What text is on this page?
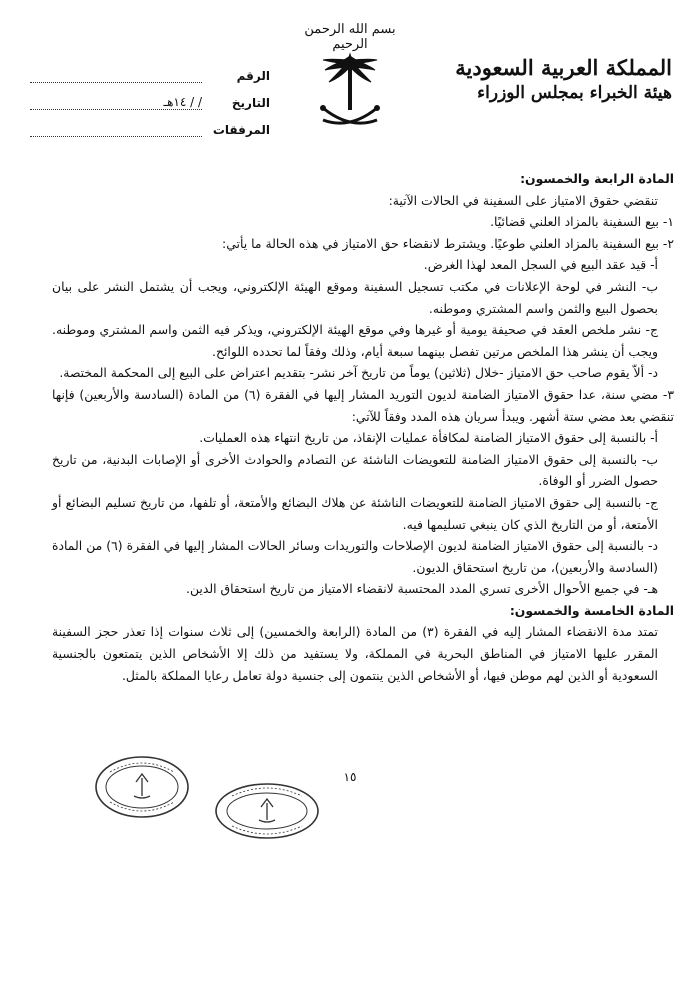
بسم الله الرحمن الرحيم
المملكة العربية السعودية
هيئة الخبراء بمجلس الوزراء
الرقم
التاريخ
/ / ١٤هـ
المرفقات

المادة الرابعة والخمسون:

تنقضي حقوق الامتياز على السفينة في الحالات الآتية:

١- بيع السفينة بالمزاد العلني قضائيًا.

٢- بيع السفينة بالمزاد العلني طوعيًا. ويشترط لانقضاء حق الامتياز في هذه الحالة ما يأتي:

أ- قيد عقد البيع في السجل المعد لهذا الغرض.

ب- النشر في لوحة الإعلانات في مكتب تسجيل السفينة وموقع الهيئة الإلكتروني، ويجب أن يشتمل النشر على بيان بحصول البيع والثمن واسم المشتري وموطنه.

ج- نشر ملخص العقد في صحيفة يومية أو غيرها وفي موقع الهيئة الإلكتروني، ويذكر فيه الثمن واسم المشتري وموطنه. ويجب أن ينشر هذا الملخص مرتين تفصل بينهما سبعة أيام، وذلك وفقاً لما تحدده اللوائح.

د- ألاّ يقوم صاحب حق الامتياز -خلال (ثلاثين) يوماً من تاريخ آخر نشر- بتقديم اعتراض على البيع إلى المحكمة المختصة.

٣- مضي سنة، عدا حقوق الامتياز الضامنة لديون التوريد المشار إليها في الفقرة (٦) من المادة (السادسة والأربعين) فإنها تنقضي بعد مضي ستة أشهر. ويبدأ سريان هذه المدد وفقاً للآتي:

أ- بالنسبة إلى حقوق الامتياز الضامنة لمكافأة عمليات الإنقاذ، من تاريخ انتهاء هذه العمليات.

ب- بالنسبة إلى حقوق الامتياز الضامنة للتعويضات الناشئة عن التصادم والحوادث الأخرى أو الإصابات البدنية، من تاريخ حصول الضرر أو الوفاة.

ج- بالنسبة إلى حقوق الامتياز الضامنة للتعويضات الناشئة عن هلاك البضائع والأمتعة، أو تلفها، من تاريخ تسليم البضائع أو الأمتعة، أو من التاريخ الذي كان ينبغي تسليمها فيه.

د- بالنسبة إلى حقوق الامتياز الضامنة لديون الإصلاحات والتوريدات وسائر الحالات المشار إليها في الفقرة (٦) من المادة (السادسة والأربعين)، من تاريخ استحقاق الديون.

هـ- في جميع الأحوال الأخرى تسري المدد المحتسبة لانقضاء الامتياز من تاريخ استحقاق الدين.

المادة الخامسة والخمسون:

تمتد مدة الانقضاء المشار إليه في الفقرة (٣) من المادة (الرابعة والخمسين) إلى ثلاث سنوات إذا تعذر حجز السفينة المقرر عليها الامتياز في المناطق البحرية في المملكة، ولا يستفيد من ذلك إلا الأشخاص الذين يتمتعون بالجنسية السعودية أو الذين لهم موطن فيها، أو الأشخاص الذين ينتمون إلى جنسية دولة تعامل رعايا المملكة بالمثل.

١٥
